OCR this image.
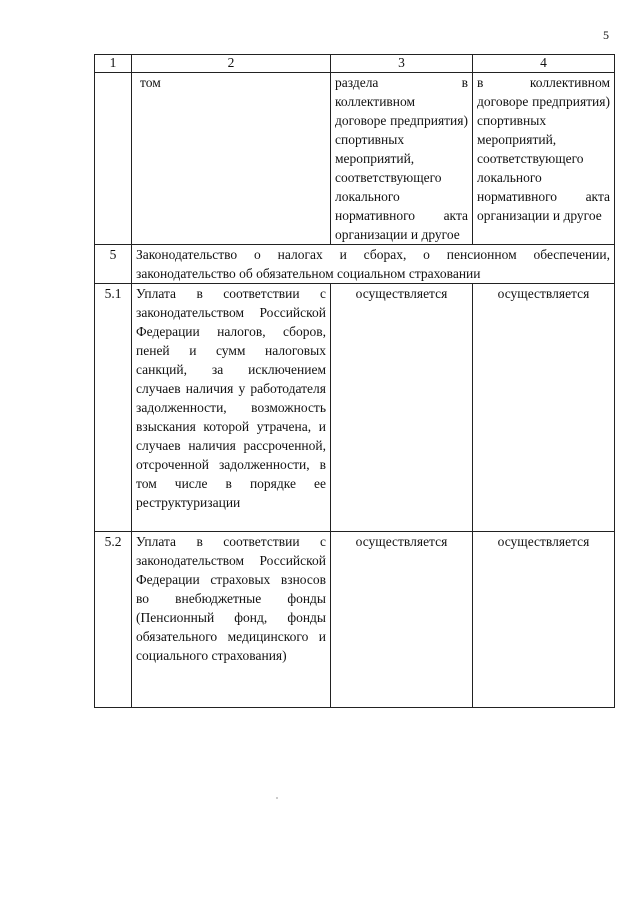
5
1	2	3	4
	том	раздела в коллективном договоре предприятия) спортивных мероприятий, соответствующего локального нормативного акта организации и другое	в коллективном договоре предприятия) спортивных мероприятий, соответствующего локального нормативного акта организации и другое
5	Законодательство о налогах и сборах, о пенсионном обеспечении, законодательство об обязательном социальном страховании		
5.1	Уплата в соответствии с законодательством Российской Федерации налогов, сборов, пеней и сумм налоговых санкций, за исключением случаев наличия у работодателя задолженности, возможность взыскания которой утрачена, и случаев наличия рассроченной, отсроченной задолженности, в том числе в порядке ее реструктуризации	осуществляется	осуществляется
5.2	Уплата в соответствии с законодательством Российской Федерации страховых взносов во внебюджетные фонды (Пенсионный фонд, фонды обязательного медицинского и социального страхования)	осуществляется	осуществляется
